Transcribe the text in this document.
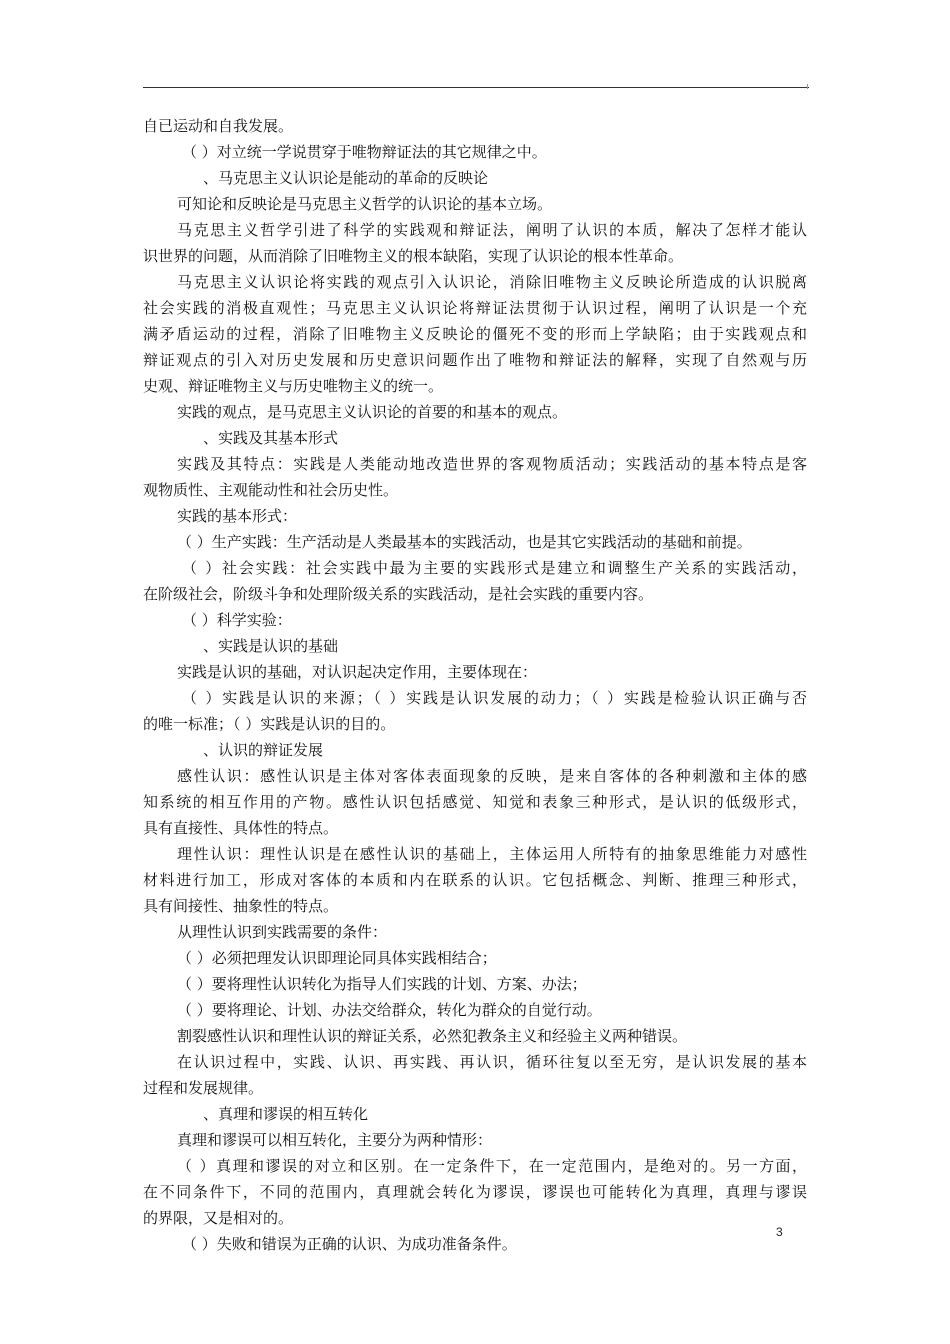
自已运动和自我发展。
（ ）对立统一学说贯穿于唯物辩证法的其它规律之中。
、马克思主义认识论是能动的革命的反映论
可知论和反映论是马克思主义哲学的认识论的基本立场。
马克思主义哲学引进了科学的实践观和辩证法，阐明了认识的本质，解决了怎样才能认
识世界的问题，从而消除了旧唯物主义的根本缺陷，实现了认识论的根本性革命。
马克思主义认识论将实践的观点引入认识论，消除旧唯物主义反映论所造成的认识脱离
社会实践的消极直观性；马克思主义认识论将辩证法贯彻于认识过程，阐明了认识是一个充
满矛盾运动的过程，消除了旧唯物主义反映论的僵死不变的形而上学缺陷；由于实践观点和
辩证观点的引入对历史发展和历史意识问题作出了唯物和辩证法的解释，实现了自然观与历
史观、辩证唯物主义与历史唯物主义的统一。
实践的观点，是马克思主义认识论的首要的和基本的观点。
、实践及其基本形式
实践及其特点：实践是人类能动地改造世界的客观物质活动；实践活动的基本特点是客
观物质性、主观能动性和社会历史性。
实践的基本形式：
（ ）生产实践：生产活动是人类最基本的实践活动，也是其它实践活动的基础和前提。
（ ）社会实践：社会实践中最为主要的实践形式是建立和调整生产关系的实践活动，
在阶级社会，阶级斗争和处理阶级关系的实践活动，是社会实践的重要内容。
（ ）科学实验：
、实践是认识的基础
实践是认识的基础，对认识起决定作用，主要体现在：
（ ）实践是认识的来源；（ ）实践是认识发展的动力；（ ）实践是检验认识正确与否
的唯一标准；（ ）实践是认识的目的。
、认识的辩证发展
感性认识：感性认识是主体对客体表面现象的反映，是来自客体的各种刺激和主体的感
知系统的相互作用的产物。感性认识包括感觉、知觉和表象三种形式，是认识的低级形式，
具有直接性、具体性的特点。
理性认识：理性认识是在感性认识的基础上，主体运用人所特有的抽象思维能力对感性
材料进行加工，形成对客体的本质和内在联系的认识。它包括概念、判断、推理三种形式，
具有间接性、抽象性的特点。
从理性认识到实践需要的条件：
（ ）必须把理发认识即理论同具体实践相结合；
（ ）要将理性认识转化为指导人们实践的计划、方案、办法；
（ ）要将理论、计划、办法交给群众，转化为群众的自觉行动。
割裂感性认识和理性认识的辩证关系，必然犯教条主义和经验主义两种错误。
在认识过程中，实践、认识、再实践、再认识，循环往复以至无穷，是认识发展的基本
过程和发展规律。
、真理和谬误的相互转化
真理和谬误可以相互转化，主要分为两种情形：
（ ）真理和谬误的对立和区别。在一定条件下，在一定范围内，是绝对的。另一方面，
在不同条件下，不同的范围内，真理就会转化为谬误，谬误也可能转化为真理，真理与谬误
的界限，又是相对的。
（ ）失败和错误为正确的认识、为成功准备条件。
3
